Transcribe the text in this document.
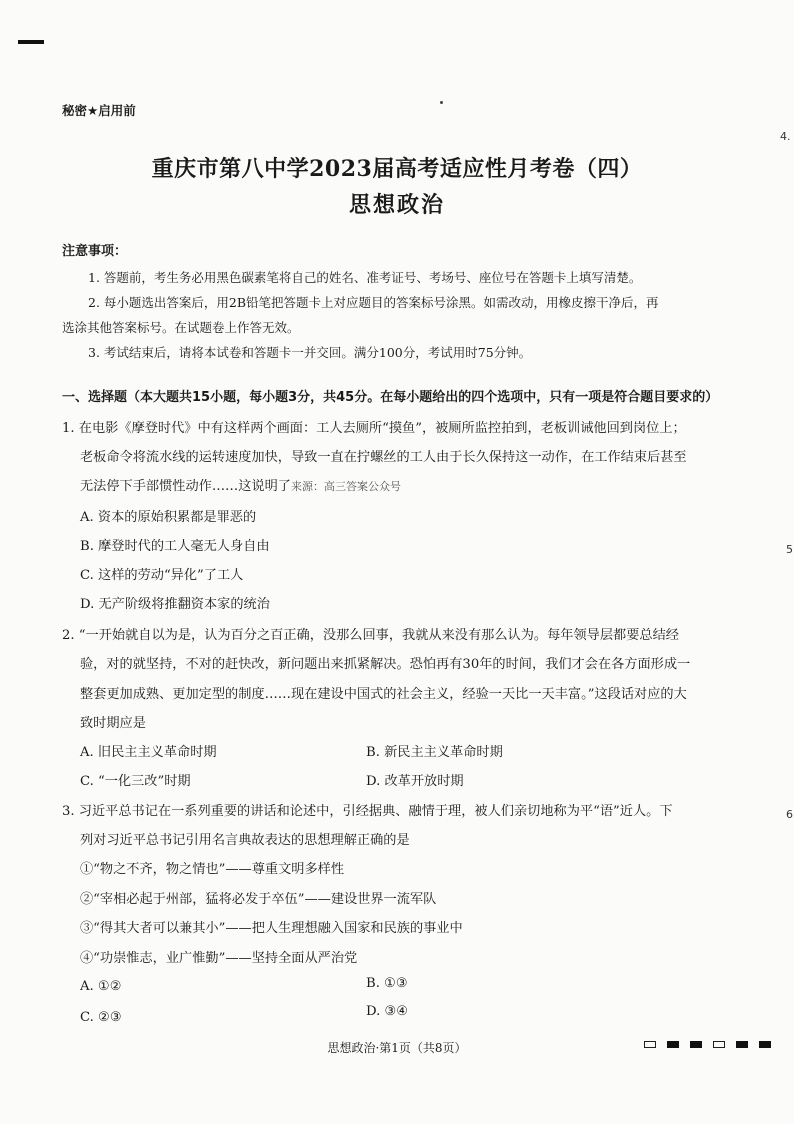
秘密★启用前
重庆市第八中学2023届高考适应性月考卷（四）
思想政治
注意事项：
1. 答题前，考生务必用黑色碳素笔将自己的姓名、准考证号、考场号、座位号在答题卡上填写清楚。
2. 每小题选出答案后，用2B铅笔把答题卡上对应题目的答案标号涂黑。如需改动，用橡皮擦干净后，再
选涂其他答案标号。在试题卷上作答无效。
3. 考试结束后，请将本试卷和答题卡一并交回。满分100分，考试用时75分钟。
一、选择题（本大题共15小题，每小题3分，共45分。在每小题给出的四个选项中，只有一项是符合题目要求的）
1. 在电影《摩登时代》中有这样两个画面：工人去厕所“摸鱼”，被厕所监控拍到，老板训诫他回到岗位上；
老板命令将流水线的运转速度加快，导致一直在拧螺丝的工人由于长久保持这一动作，在工作结束后甚至
无法停下手部惯性动作……这说明了来源：高三答案公众号
A. 资本的原始积累都是罪恶的
B. 摩登时代的工人毫无人身自由
C. 这样的劳动“异化”了工人
D. 无产阶级将推翻资本家的统治
2. “一开始就自以为是，认为百分之百正确，没那么回事，我就从来没有那么认为。每年领导层都要总结经
验，对的就坚持，不对的赶快改，新问题出来抓紧解决。恐怕再有30年的时间，我们才会在各方面形成一
整套更加成熟、更加定型的制度……现在建设中国式的社会主义，经验一天比一天丰富。”这段话对应的大
致时期应是
A. 旧民主主义革命时期	B. 新民主主义革命时期
C. “一化三改”时期	D. 改革开放时期
3. 习近平总书记在一系列重要的讲话和论述中，引经据典、融情于理，被人们亲切地称为平“语”近人。下
列对习近平总书记引用名言典故表达的思想理解正确的是
①“物之不齐，物之情也”——尊重文明多样性
②“宰相必起于州部，猛将必发于卒伍”——建设世界一流军队
③“得其大者可以兼其小”——把人生理想融入国家和民族的事业中
④“功崇惟志，业广惟勤”——坚持全面从严治党
A. ①②	B. ①③
C. ②③	D. ③④
思想政治·第1页（共8页）
4.
5
6
